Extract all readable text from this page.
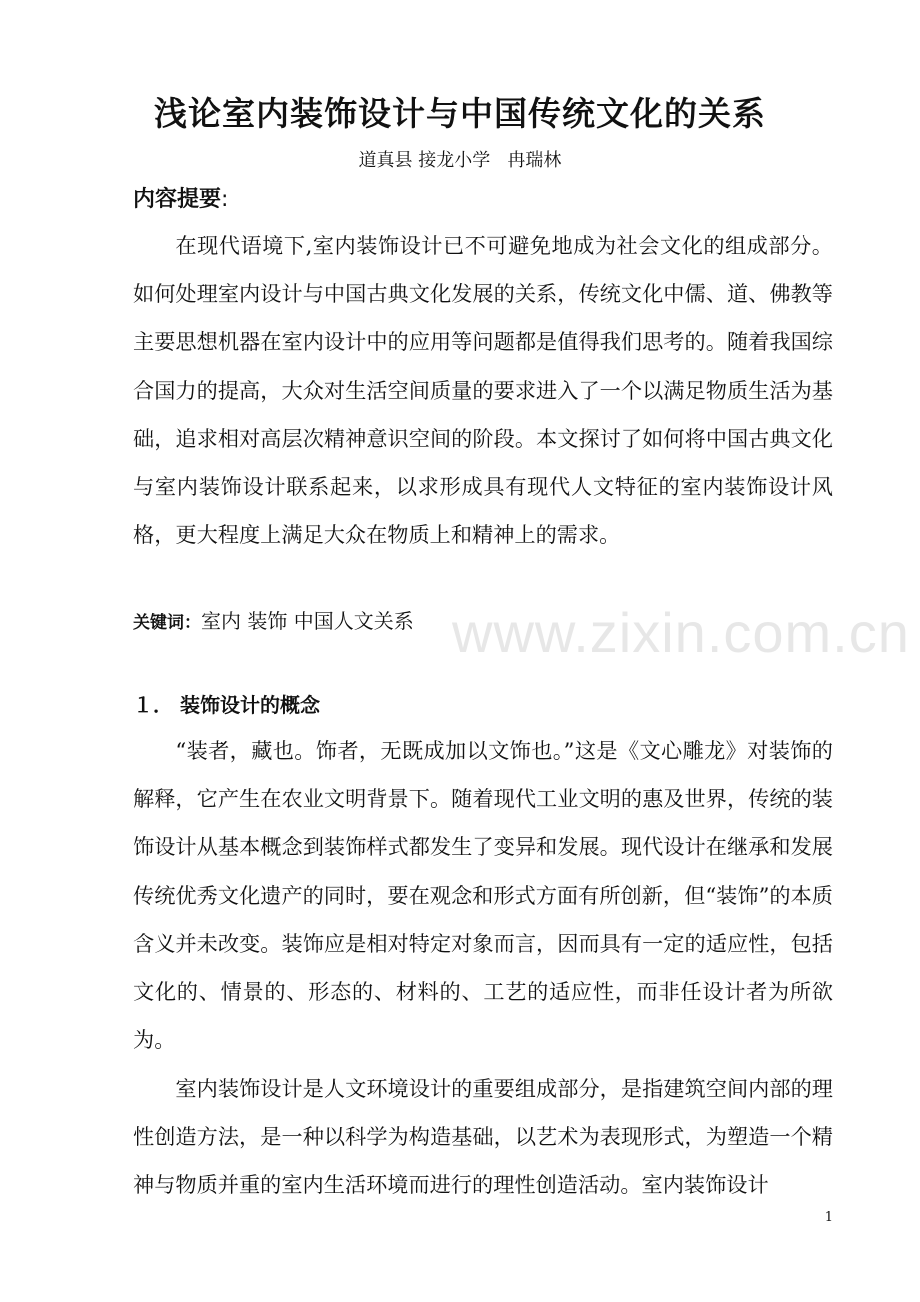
浅论室内装饰设计与中国传统文化的关系

道真县 接龙小学   冉瑞林

内容提要:

在现代语境下,室内装饰设计已不可避免地成为社会文化的组成部分。如何处理室内设计与中国古典文化发展的关系，传统文化中儒、道、佛教等主要思想机器在室内设计中的应用等问题都是值得我们思考的。随着我国综合国力的提高，大众对生活空间质量的要求进入了一个以满足物质生活为基础，追求相对高层次精神意识空间的阶段。本文探讨了如何将中国古典文化与室内装饰设计联系起来，以求形成具有现代人文特征的室内装饰设计风格，更大程度上满足大众在物质上和精神上的需求。

关键词：室内 装饰 中国人文关系 www.zixin.com.cn
１． 装饰设计的概念

“装者，藏也。饰者，无既成加以文饰也。”这是《文心雕龙》对装饰的解释，它产生在农业文明背景下。随着现代工业文明的惠及世界，传统的装饰设计从基本概念到装饰样式都发生了变异和发展。现代设计在继承和发展传统优秀文化遗产的同时，要在观念和形式方面有所创新，但“装饰”的本质含义并未改变。装饰应是相对特定对象而言，因而具有一定的适应性，包括文化的、情景的、形态的、材料的、工艺的适应性，而非任设计者为所欲为。

室内装饰设计是人文环境设计的重要组成部分，是指建筑空间内部的理性创造方法，是一种以科学为构造基础，以艺术为表现形式，为塑造一个精神与物质并重的室内生活环境而进行的理性创造活动。室内装饰设计

1
